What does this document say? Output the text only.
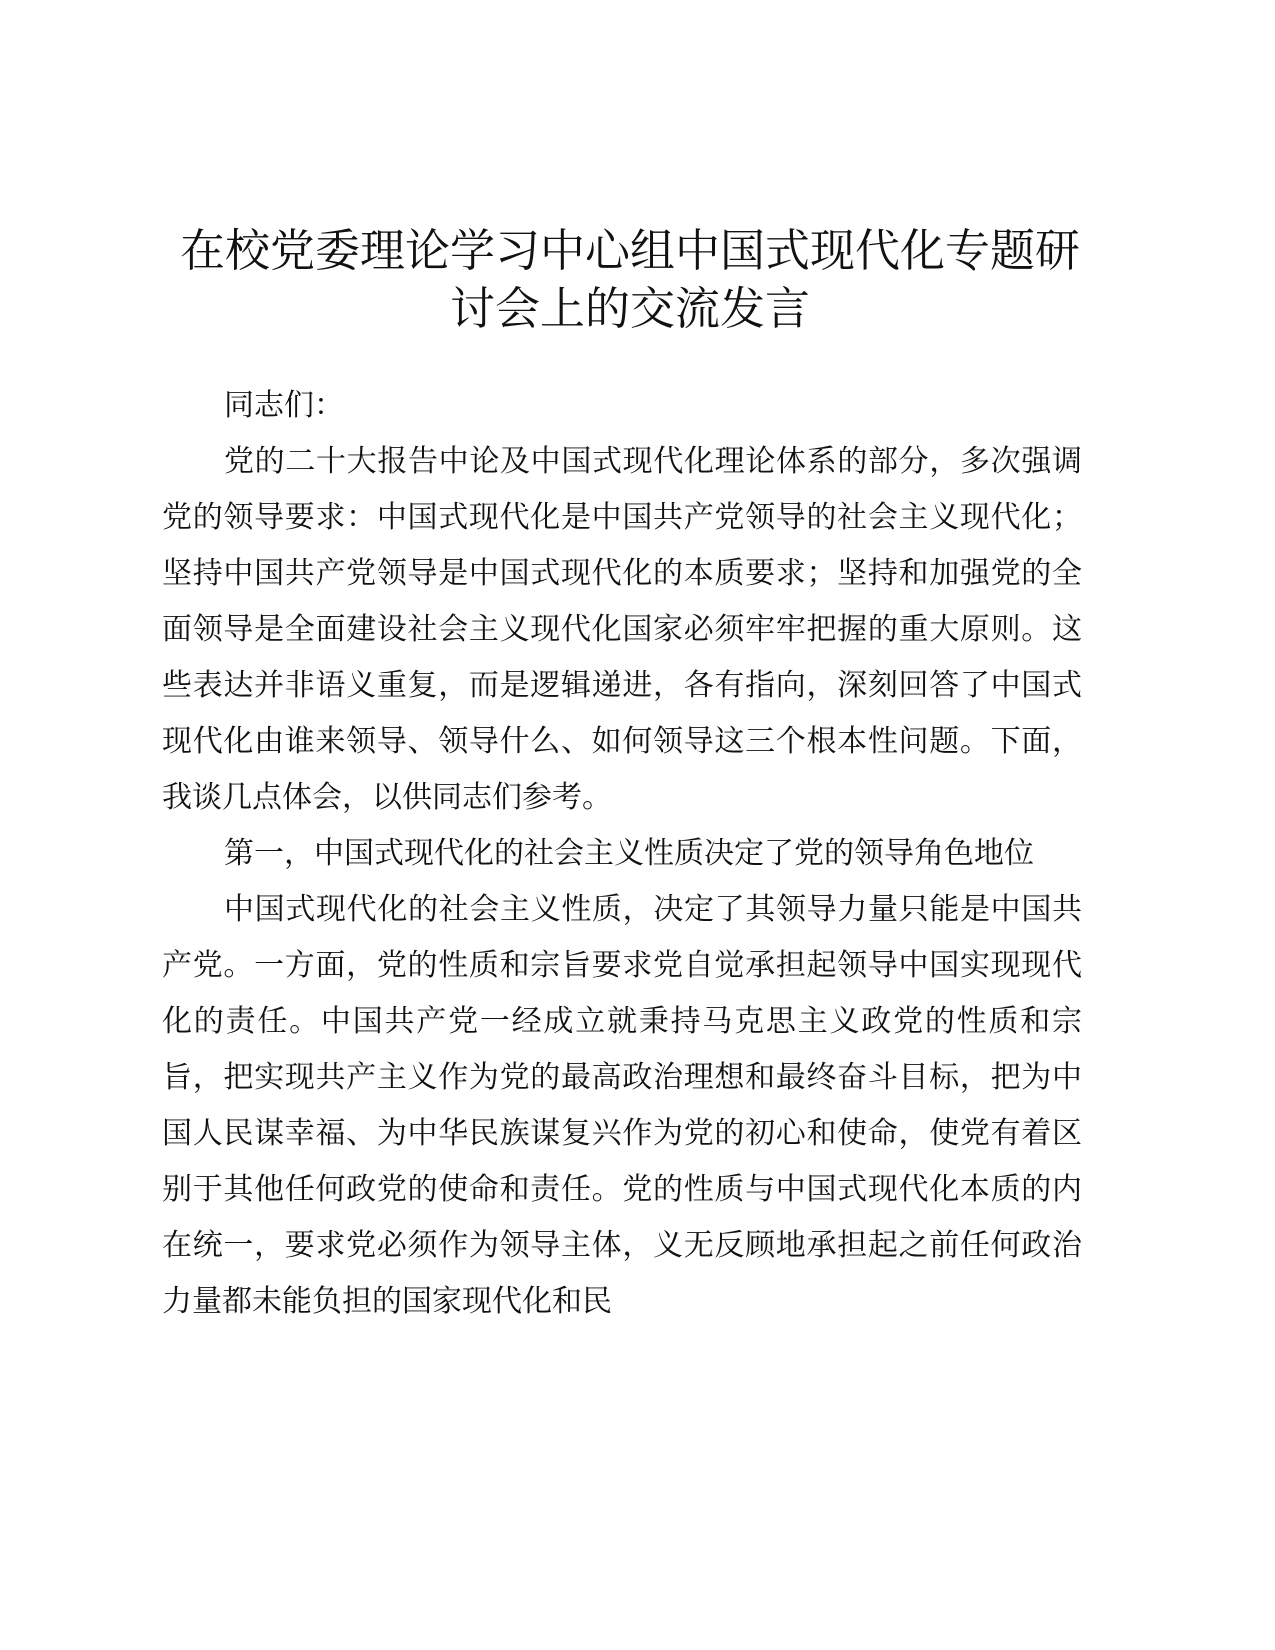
在校党委理论学习中心组中国式现代化专题研讨会上的交流发言

同志们：

党的二十大报告中论及中国式现代化理论体系的部分，多次强调党的领导要求：中国式现代化是中国共产党领导的社会主义现代化；坚持中国共产党领导是中国式现代化的本质要求；坚持和加强党的全面领导是全面建设社会主义现代化国家必须牢牢把握的重大原则。这些表达并非语义重复，而是逻辑递进，各有指向，深刻回答了中国式现代化由谁来领导、领导什么、如何领导这三个根本性问题。下面，我谈几点体会，以供同志们参考。

第一，中国式现代化的社会主义性质决定了党的领导角色地位

中国式现代化的社会主义性质，决定了其领导力量只能是中国共产党。一方面，党的性质和宗旨要求党自觉承担起领导中国实现现代化的责任。中国共产党一经成立就秉持马克思主义政党的性质和宗旨，把实现共产主义作为党的最高政治理想和最终奋斗目标，把为中国人民谋幸福、为中华民族谋复兴作为党的初心和使命，使党有着区别于其他任何政党的使命和责任。党的性质与中国式现代化本质的内在统一，要求党必须作为领导主体，义无反顾地承担起之前任何政治力量都未能负担的国家现代化和民
